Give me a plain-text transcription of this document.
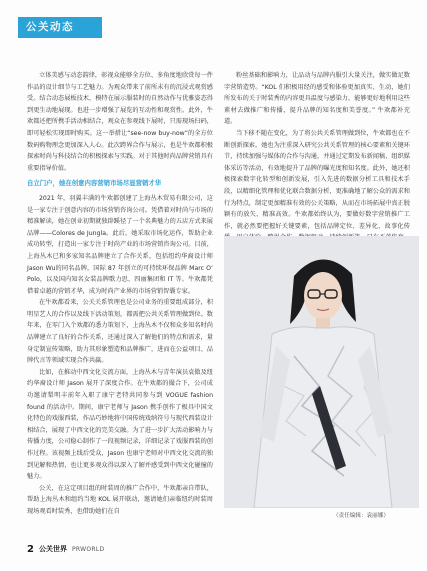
公关动态

立体美感与动态韵律，彰视众能够全方位、多角度地欣赏每一件作品的设计细节与工艺魅力。为观众带来了前所未有的沉浸式观赏感受。结合动态展板技术，模特在展示服装时的自然动作与优雅姿态得到更生动地展现。也进一步增强了展览的互动性和观赏性。此外，牛欢都还把所携手活动相结合，观众在参观线下展时，只需现场扫码，即可轻松实现即时购买。这一举措让“see-now buy-now”的全方位数码购物理念更加深入人心。此次跨界合作与展示，也是牛欢都积极探索时尚与科技结合的积极探索与实践。对于其他时尚品牌营销具有重要指导价值。

自立门户，她在创意内容营销市场尽显营销才华

2021 年，羽翼丰满的牛欢都创建了上海丛木贸易有限公司，这是一家专注于创意内容的市场营销咨询公司。凭借着对时尚与市场的精准解读，她在创业初期就独辟蹊径了一个名典魅力的五店方式来展品牌——Colores de Jungla。此后，她采取市场化运作，帮助企业成功转型，打造出一家专注于时尚产业的市场营销咨询公司。目前，上海丛木已和多家知名品牌建立了合作关系，包括纽约华裔设计师 Jason Wu的同名品牌，国际 87 年创立的可持续环保品牌 Marc O’ Polo，以及国内知名女装品牌歌力思、四丽集团和 IT 等。牛欢都凭借着卓越的营销才华，成为时尚产业界的市场营销智囊专家。

在牛欢都看来，公关关系管理也是公司业务的重要组成部分，积明星艺人的合作以及线下活动策划，都需把公共关系管理做到位。数年来，在零门入个欢都的悉力策划下，上海丛木不仅和众多知名时尚品牌建立了良好的合作关系，还通过深入了解他们的特点和需求，量身定制宣传策略，助力其形象塑造和品牌推广，进而在公益项目、品牌代言等领域实现合作共赢。

比如，在推动中西文化交流方面，上海丛木与青年演员袁傲及纽约华裔设计师 Jason 展开了深度合作。在牛欢都的撮合下，公司成功邀请梨明丰前年入职了康宁老特共同参与到 VOGUE fashion found 的活动中。期间，康宁老师与 Jason 携手创作了极具中国文化特色的戏服西装，作品巧妙地将中国传统戏纳符号与现代西装设计相结合，展现了中西文化的完美交融。为了进一步扩大活动影响力与传播力度，公司稳心制作了一段视频记录，详细记录了戏服西装的创作过程。该视频上线后受众，Jason 也康宁老师对中西文化交流的独到见解和热情，也让更多观众得以深入了解并感受到中西文化碰撞的魅力。

公关，在这定项目组的时装周的推广合作中，牛欢都亲自带队，帮助上海丛木和组约当地 KOL 展开联动，邀请她们亲临纽约时装周现场观看时装秀，也借助她们在自

粉丝基础和影响力，让品动与品牌内服引大量关注，做实做足数字营销造势。“KOL 们积极用经的感受和体验更加真实、生动，她们所发布的关于时装秀的内容更具温度与感染力，能够更好地利用这些素材去做推广和传播，提升品牌的知名度和美誉度。” 牛欢都补充道。

当下移不随在变化，为了将公共关系管理做到位，牛欢都也在不断创新探索。她也为注重深入研究公共关系管理的核心要素和关键环节，持续加强与媒体的合作与沟通，并通过定期发布新闻稿、组织媒体采访等活动，有效地提升了品牌的曝光度和知名度。此外，她还积极探索数字化转型和创新发展，引入先进的数据分析工具和技术手段，以精细化管理和优化联合数据分析，更准确地了解公众的需求和行为特点，制定更加精准有效的公关策略，从而在市场拓展中真正脱颖有的放矢、精准高效。牛欢都始终认为，要做好数字营销推广工作，就必然要把握好关键要素，包括品牌定位、差异化、故事化传

（责任编辑：袁丽娜）
2 公关世界 PRWORLD
